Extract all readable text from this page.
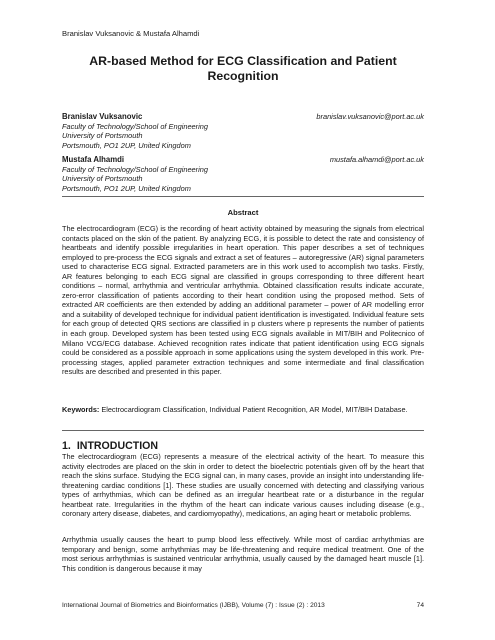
Branislav Vuksanovic & Mustafa Alhamdi
AR-based Method for ECG Classification and Patient
Recognition
Branislav Vuksanovic	branislav.vuksanovic@port.ac.uk
Faculty of Technology/School of Engineering
University of Portsmouth
Portsmouth, PO1 2UP, United Kingdom
Mustafa Alhamdi	mustafa.alhamdi@port.ac.uk
Faculty of Technology/School of Engineering
University of Portsmouth
Portsmouth, PO1 2UP, United Kingdom
Abstract

The electrocardiogram (ECG) is the recording of heart activity obtained by measuring the signals from electrical contacts placed on the skin of the patient. By analyzing ECG, it is possible to detect the rate and consistency of heartbeats and identify possible irregularities in heart operation. This paper describes a set of techniques employed to pre-process the ECG signals and extract a set of features – autoregressive (AR) signal parameters used to characterise ECG signal. Extracted parameters are in this work used to accomplish two tasks. Firstly, AR features belonging to each ECG signal are classified in groups corresponding to three different heart conditions – normal, arrhythmia and ventricular arrhythmia. Obtained classification results indicate accurate, zero-error classification of patients according to their heart condition using the proposed method. Sets of extracted AR coefficients are then extended by adding an additional parameter – power of AR modelling error and a suitability of developed technique for individual patient identification is investigated. Individual feature sets for each group of detected QRS sections are classified in p clusters where p represents the number of patients in each group. Developed system has been tested using ECG signals available in MIT/BIH and Politecnico of Milano VCG/ECG database. Achieved recognition rates indicate that patient identification using ECG signals could be considered as a possible approach in some applications using the system developed in this work. Pre-processing stages, applied parameter extraction techniques and some intermediate and final classification results are described and presented in this paper.

Keywords: Electrocardiogram Classification, Individual Patient Recognition, AR Model, MIT/BIH Database.

1. INTRODUCTION

The electrocardiogram (ECG) represents a measure of the electrical activity of the heart. To measure this activity electrodes are placed on the skin in order to detect the bioelectric potentials given off by the heart that reach the skins surface. Studying the ECG signal can, in many cases, provide an insight into understanding life-threatening cardiac conditions [1]. These studies are usually concerned with detecting and classifying various types of arrhythmias, which can be defined as an irregular heartbeat rate or a disturbance in the regular heartbeat rate. Irregularities in the rhythm of the heart can indicate various causes including disease (e.g., coronary artery disease, diabetes, and cardiomyopathy), medications, an aging heart or metabolic problems.

Arrhythmia usually causes the heart to pump blood less effectively. While most of cardiac arrhythmias are temporary and benign, some arrhythmias may be life-threatening and require medical treatment. One of the most serious arrhythmias is sustained ventricular arrhythmia, usually caused by the damaged heart muscle [1]. This condition is dangerous because it may

International Journal of Biometrics and Bioinformatics (IJBB), Volume (7) : Issue (2) : 2013	74
